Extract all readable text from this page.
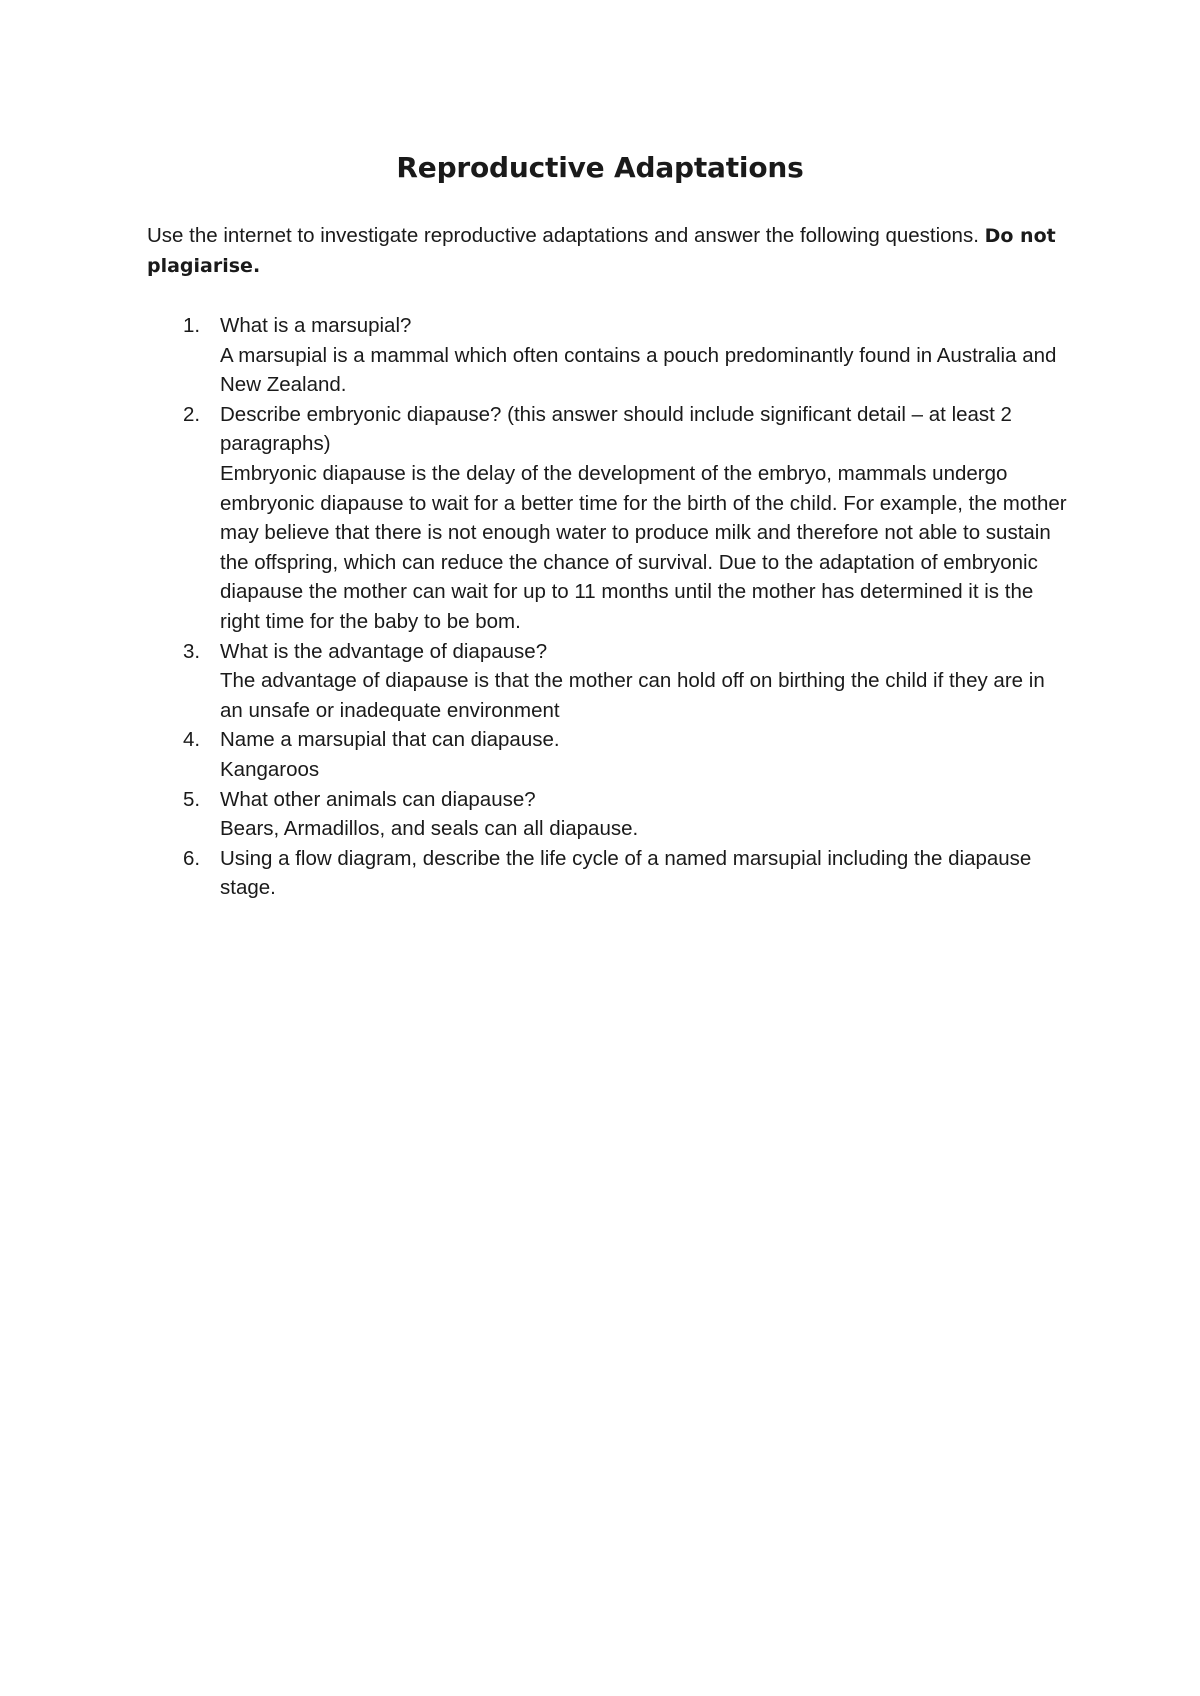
Reproductive Adaptations

Use the internet to investigate reproductive adaptations and answer the following questions. Do not plagiarise.

1. What is a marsupial?
A marsupial is a mammal which often contains a pouch predominantly found in Australia and New Zealand.
2. Describe embryonic diapause? (this answer should include significant detail – at least 2 paragraphs)
Embryonic diapause is the delay of the development of the embryo, mammals undergo embryonic diapause to wait for a better time for the birth of the child. For example, the mother may believe that there is not enough water to produce milk and therefore not able to sustain the offspring, which can reduce the chance of survival. Due to the adaptation of embryonic diapause the mother can wait for up to 11 months until the mother has determined it is the right time for the baby to be bom.
3. What is the advantage of diapause?
The advantage of diapause is that the mother can hold off on birthing the child if they are in an unsafe or inadequate environment
4. Name a marsupial that can diapause.
Kangaroos
5. What other animals can diapause?
Bears, Armadillos, and seals can all diapause.
6. Using a flow diagram, describe the life cycle of a named marsupial including the diapause stage.
